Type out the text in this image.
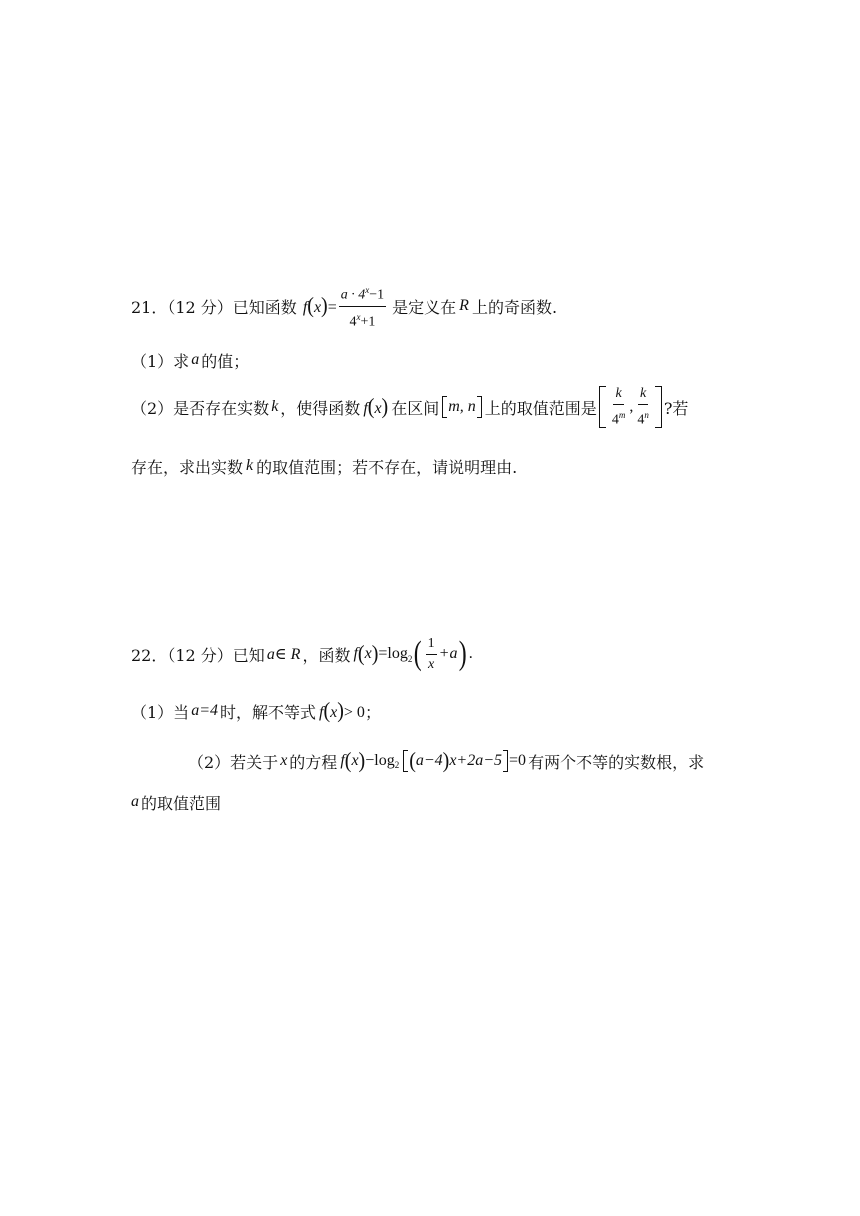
21．（12 分）已知函数 $f(x)= \frac{a \cdot 4^x-1}{4^x+1}$ 是定义在 R 上的奇函数.
（1）求 a 的值；
（2）是否存在实数 k ，使得函数 f(x) 在区间 m, n 上的取值范围是 $\frac{k}{4^m}$ , $\frac{k}{4^n}$ ?若
存在，求出实数 k 的取值范围；若不存在，请说明理由.
22．（12 分）已知 a∈ R ，函数 f ( x ) $=\log_2$ ( $\frac{1}{x} +a$ ) .
（1）当 a=4 时，解不等式 f(x)> 0 ；
（2）若关于 x 的方程 f ( x ) $-\log_2$ ( a−4 ) x+2a−5 =0 有两个不等的实数根，求
a 的取值范围
